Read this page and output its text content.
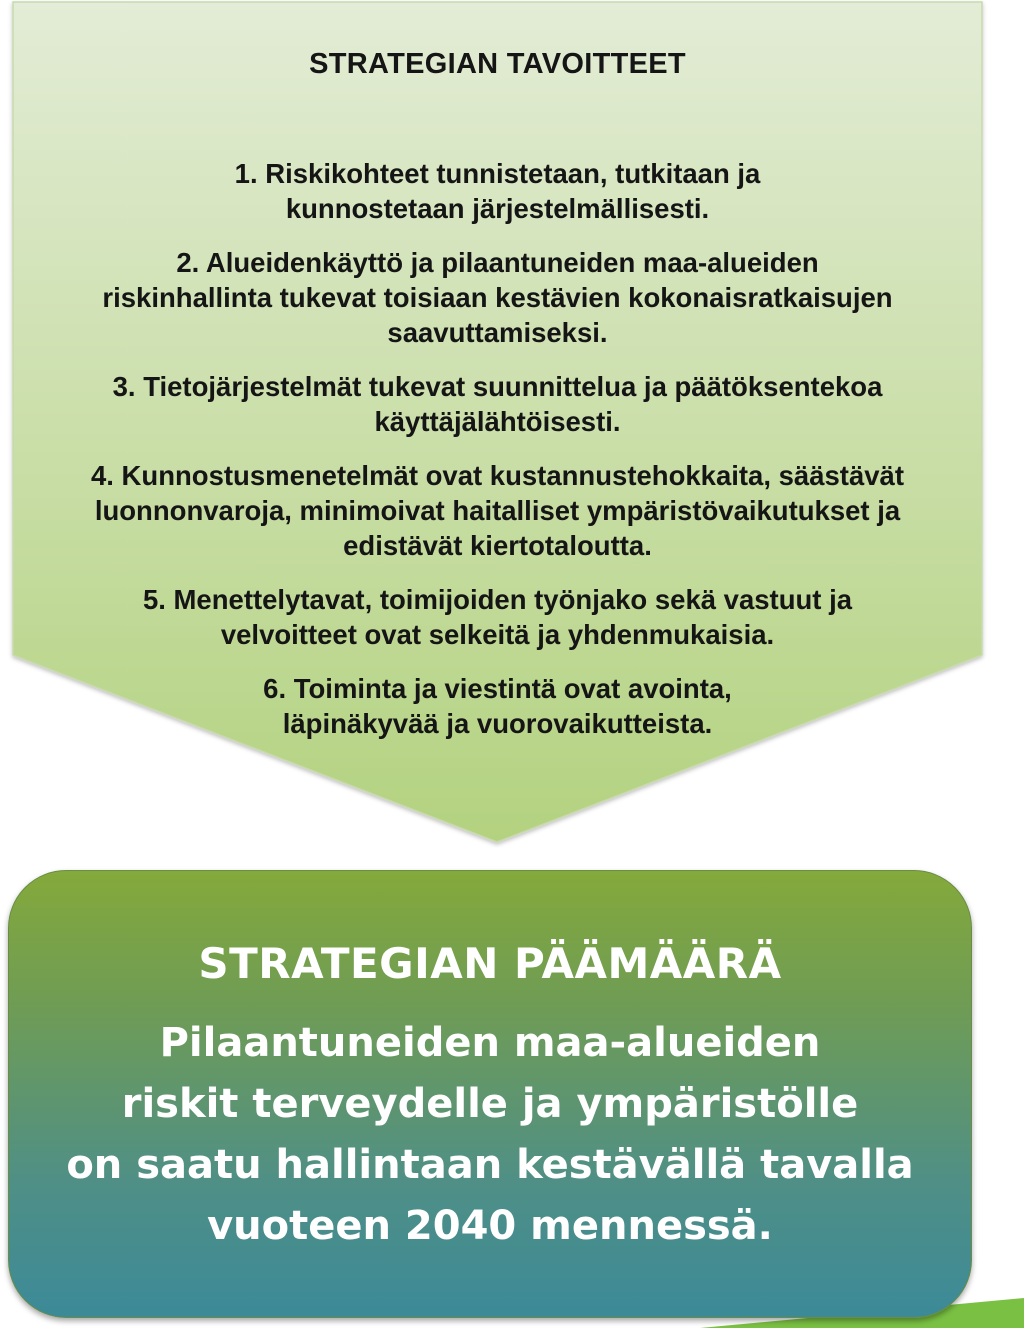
STRATEGIAN TAVOITTEET
1. Riskikohteet tunnistetaan, tutkitaan ja
kunnostetaan järjestelmällisesti.
2. Alueidenkäyttö ja pilaantuneiden maa-alueiden
riskinhallinta tukevat toisiaan kestävien kokonaisratkaisujen
saavuttamiseksi.
3. Tietojärjestelmät tukevat suunnittelua ja päätöksentekoa
käyttäjälähtöisesti.
4. Kunnostusmenetelmät ovat kustannustehokkaita, säästävät
luonnonvaroja, minimoivat haitalliset ympäristövaikutukset ja
edistävät kiertotaloutta.
5. Menettelytavat, toimijoiden työnjako sekä vastuut ja
velvoitteet ovat selkeitä ja yhdenmukaisia.
6. Toiminta ja viestintä ovat avointa,
läpinäkyvää ja vuorovaikutteista.
STRATEGIAN PÄÄMÄÄRÄ
Pilaantuneiden maa-alueiden
riskit terveydelle ja ympäristölle
on saatu hallintaan kestävällä tavalla
vuoteen 2040 mennessä.
